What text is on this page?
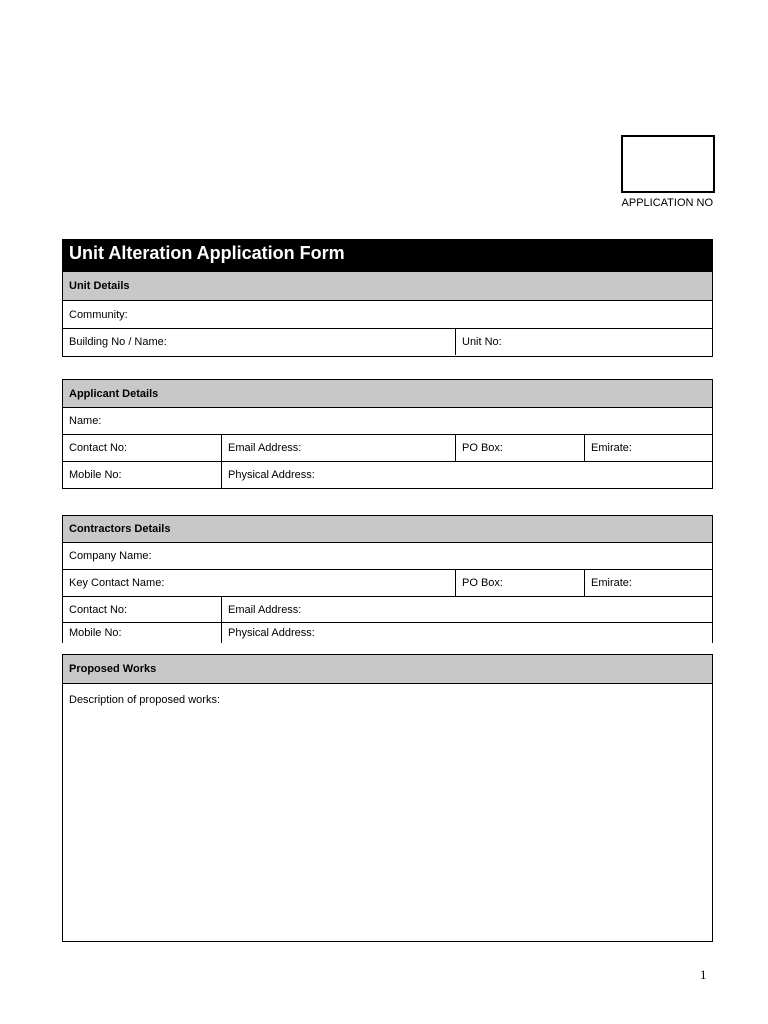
APPLICATION NO
Unit Alteration Application Form
Unit Details
Community:
Building No / Name:	Unit No:
Applicant Details
Name:
Contact No:	Email Address:	PO Box:	Emirate:
Mobile No:	Physical Address:
Contractors Details
Company Name:
Key Contact Name:	PO Box:	Emirate:
Contact No:	Email Address:
Mobile No:	Physical Address:
Proposed Works
Description of proposed works:
1
